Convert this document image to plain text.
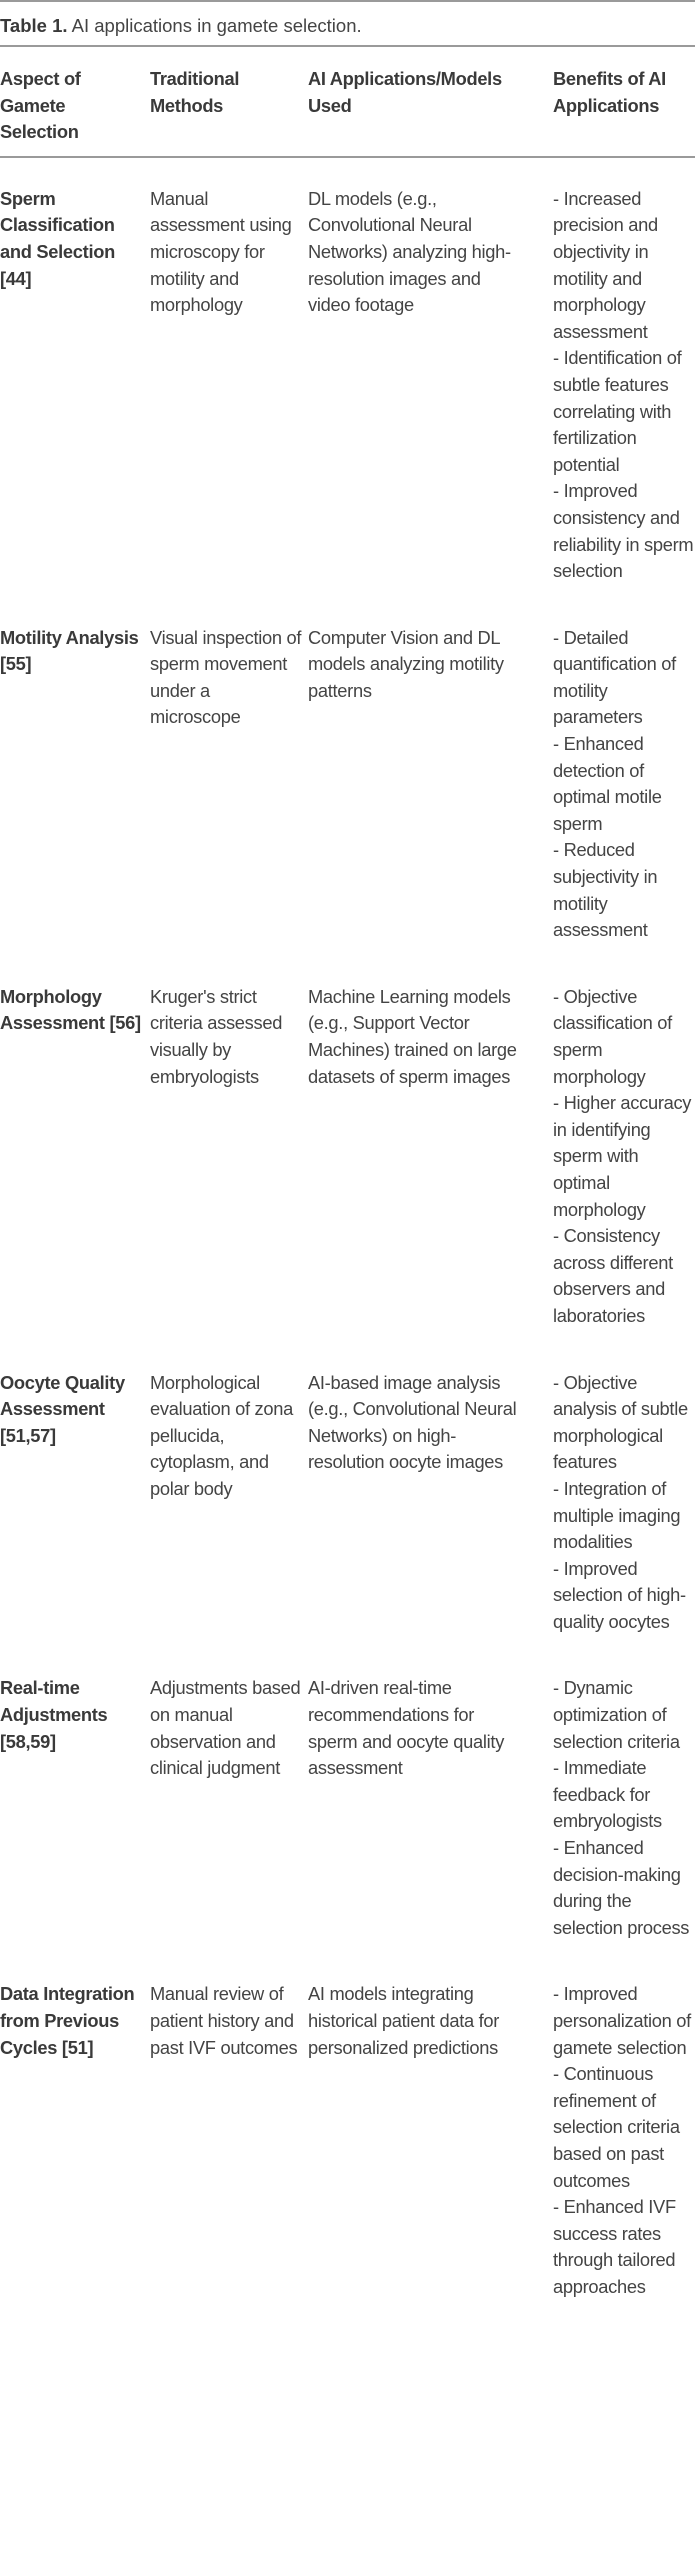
Table 1. AI applications in gamete selection.
Aspect of Gamete Selection	Traditional Methods	AI Applications/Models Used	Benefits of AI Applications
Sperm Classification and Selection [44]	Manual assessment using microscopy for motility and morphology	DL models (e.g., Convolutional Neural Networks) analyzing high-resolution images and video footage	- Increased precision and objectivity in motility and morphology assessment
- Identification of subtle features correlating with fertilization potential
- Improved consistency and reliability in sperm selection

Motility Analysis [55]	Visual inspection of sperm movement under a microscope	Computer Vision and DL models analyzing motility patterns	- Detailed quantification of motility parameters
- Enhanced detection of optimal motile sperm
- Reduced subjectivity in motility assessment

Morphology Assessment [56]	Kruger's strict criteria assessed visually by embryologists	Machine Learning models (e.g., Support Vector Machines) trained on large datasets of sperm images	- Objective classification of sperm morphology
- Higher accuracy in identifying sperm with optimal morphology
- Consistency across different observers and laboratories

Oocyte Quality Assessment [51,57]	Morphological evaluation of zona pellucida, cytoplasm, and polar body	AI-based image analysis (e.g., Convolutional Neural Networks) on high-resolution oocyte images	- Objective analysis of subtle morphological features
- Integration of multiple imaging modalities
- Improved selection of high-quality oocytes

Real-time Adjustments [58,59]	Adjustments based on manual observation and clinical judgment	AI-driven real-time recommendations for sperm and oocyte quality assessment	- Dynamic optimization of selection criteria
- Immediate feedback for embryologists
- Enhanced decision-making during the selection process

Data Integration from Previous Cycles [51]	Manual review of patient history and past IVF outcomes	AI models integrating historical patient data for personalized predictions	- Improved personalization of gamete selection
- Continuous refinement of selection criteria based on past outcomes
- Enhanced IVF success rates through tailored approaches
